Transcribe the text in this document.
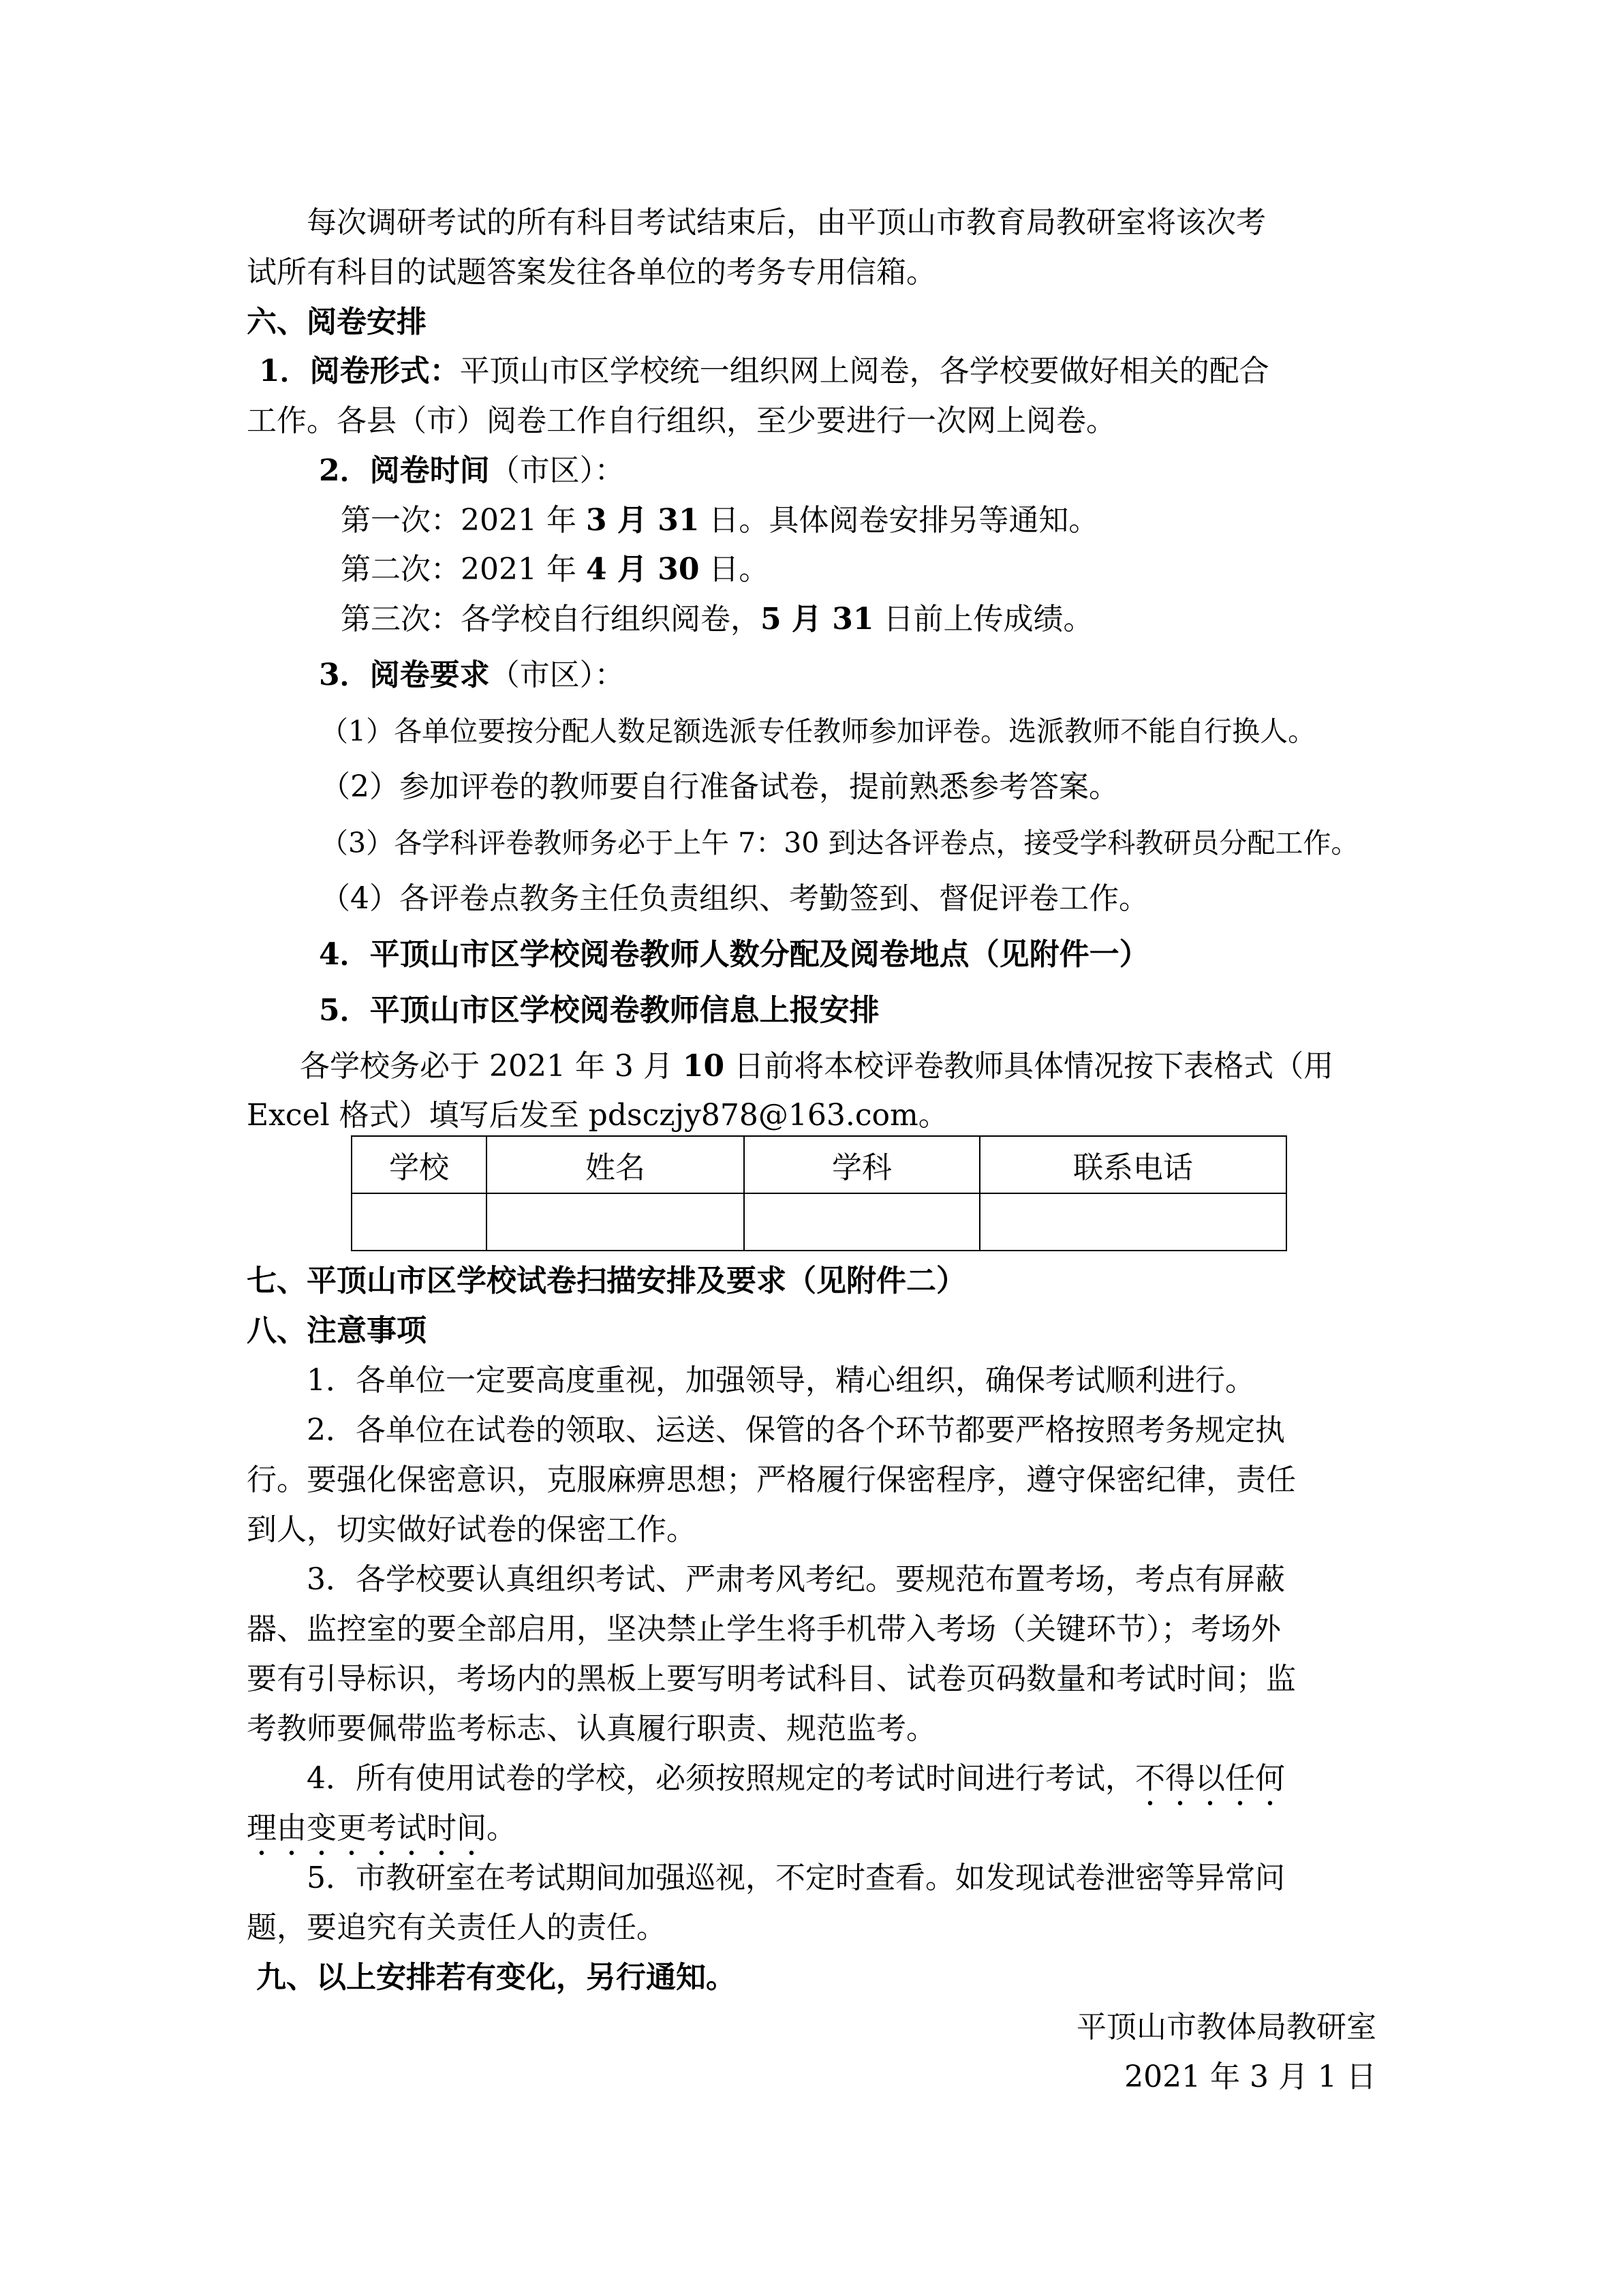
每次调研考试的所有科目考试结束后，由平顶山市教育局教研室将该次考
试所有科目的试题答案发往各单位的考务专用信箱。
六、阅卷安排
1．阅卷形式：平顶山市区学校统一组织网上阅卷，各学校要做好相关的配合
工作。各县（市）阅卷工作自行组织，至少要进行一次网上阅卷。
2．阅卷时间（市区）：
第一次：2021 年 3 月 31 日。具体阅卷安排另等通知。
第二次：2021 年 4 月 30 日。
第三次：各学校自行组织阅卷，5 月 31 日前上传成绩。
3．阅卷要求（市区）：
（1）各单位要按分配人数足额选派专任教师参加评卷。选派教师不能自行换人。
（2）参加评卷的教师要自行准备试卷，提前熟悉参考答案。
（3）各学科评卷教师务必于上午 7：30 到达各评卷点，接受学科教研员分配工作。
（4）各评卷点教务主任负责组织、考勤签到、督促评卷工作。
4．平顶山市区学校阅卷教师人数分配及阅卷地点（见附件一）
5．平顶山市区学校阅卷教师信息上报安排
各学校务必于 2021 年 3 月 10 日前将本校评卷教师具体情况按下表格式（用
Excel 格式）填写后发至 pdsczjy878@163.com。
学校	姓名	学科	联系电话

七、平顶山市区学校试卷扫描安排及要求（见附件二）
八、注意事项
1．各单位一定要高度重视，加强领导，精心组织，确保考试顺利进行。
2．各单位在试卷的领取、运送、保管的各个环节都要严格按照考务规定执
行。要强化保密意识，克服麻痹思想；严格履行保密程序，遵守保密纪律，责任
到人，切实做好试卷的保密工作。
3．各学校要认真组织考试、严肃考风考纪。要规范布置考场，考点有屏蔽
器、监控室的要全部启用，坚决禁止学生将手机带入考场（关键环节）；考场外
要有引导标识，考场内的黑板上要写明考试科目、试卷页码数量和考试时间；监
考教师要佩带监考标志、认真履行职责、规范监考。
4．所有使用试卷的学校，必须按照规定的考试时间进行考试，不得以任何
理由变更考试时间。
5．市教研室在考试期间加强巡视，不定时查看。如发现试卷泄密等异常问
题，要追究有关责任人的责任。
九、以上安排若有变化，另行通知。
平顶山市教体局教研室
2021 年 3 月 1 日
